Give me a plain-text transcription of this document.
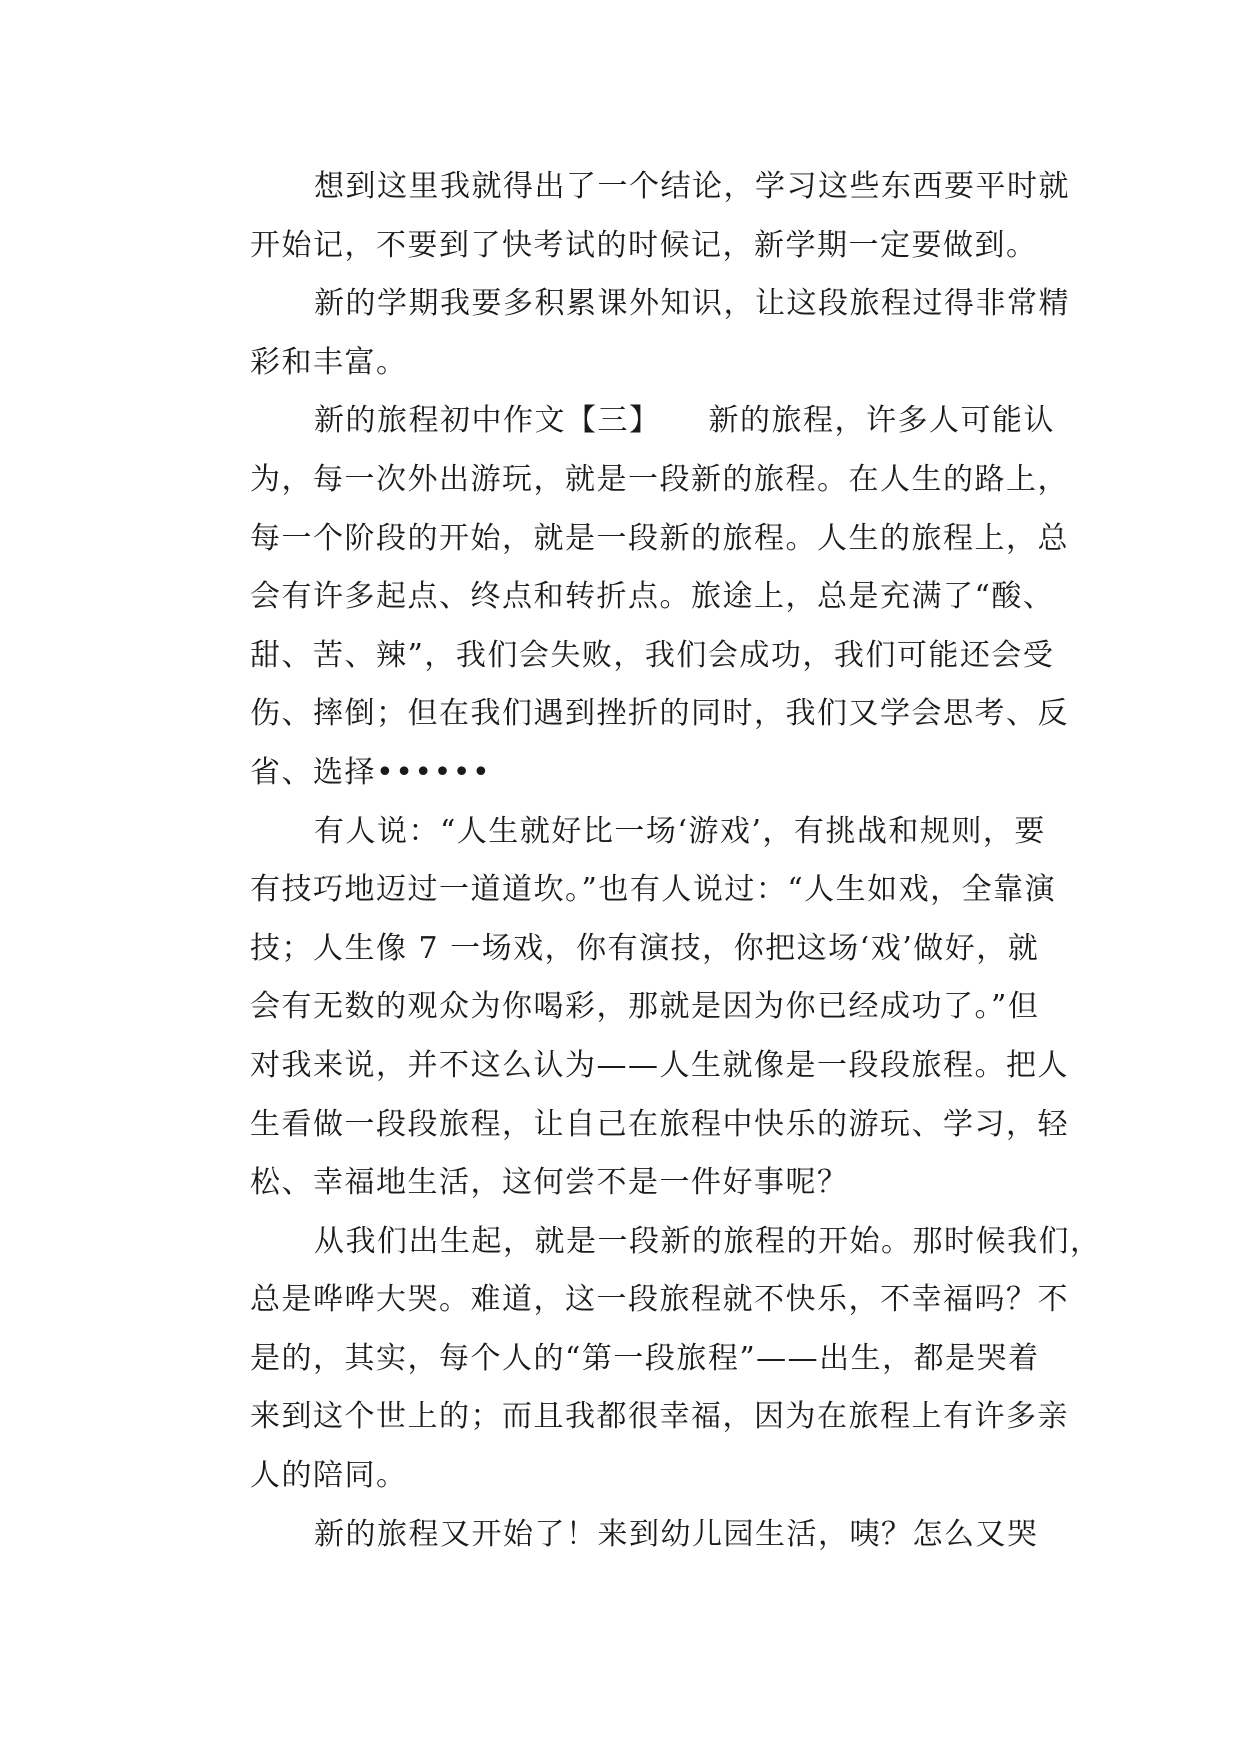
想到这里我就得出了一个结论，学习这些东西要平时就
开始记，不要到了快考试的时候记，新学期一定要做到。
新的学期我要多积累课外知识，让这段旅程过得非常精
彩和丰富。
新的旅程初中作文【三】　　新的旅程，许多人可能认
为，每一次外出游玩，就是一段新的旅程。在人生的路上，
每一个阶段的开始，就是一段新的旅程。人生的旅程上，总
会有许多起点、终点和转折点。旅途上，总是充满了“酸、
甜、苦、辣”，我们会失败，我们会成功，我们可能还会受
伤、摔倒；但在我们遇到挫折的同时，我们又学会思考、反
省、选择••••••
有人说：“人生就好比一场‘游戏’，有挑战和规则，要
有技巧地迈过一道道坎。”也有人说过：“人生如戏，全靠演
技；人生像 7 一场戏，你有演技，你把这场‘戏’做好，就
会有无数的观众为你喝彩，那就是因为你已经成功了。”但
对我来说，并不这么认为——人生就像是一段段旅程。把人
生看做一段段旅程，让自己在旅程中快乐的游玩、学习，轻
松、幸福地生活，这何尝不是一件好事呢？
从我们出生起，就是一段新的旅程的开始。那时候我们，
总是哗哗大哭。难道，这一段旅程就不快乐，不幸福吗？不
是的，其实，每个人的“第一段旅程”——出生，都是哭着
来到这个世上的；而且我都很幸福，因为在旅程上有许多亲
人的陪同。
新的旅程又开始了！来到幼儿园生活，咦？怎么又哭
